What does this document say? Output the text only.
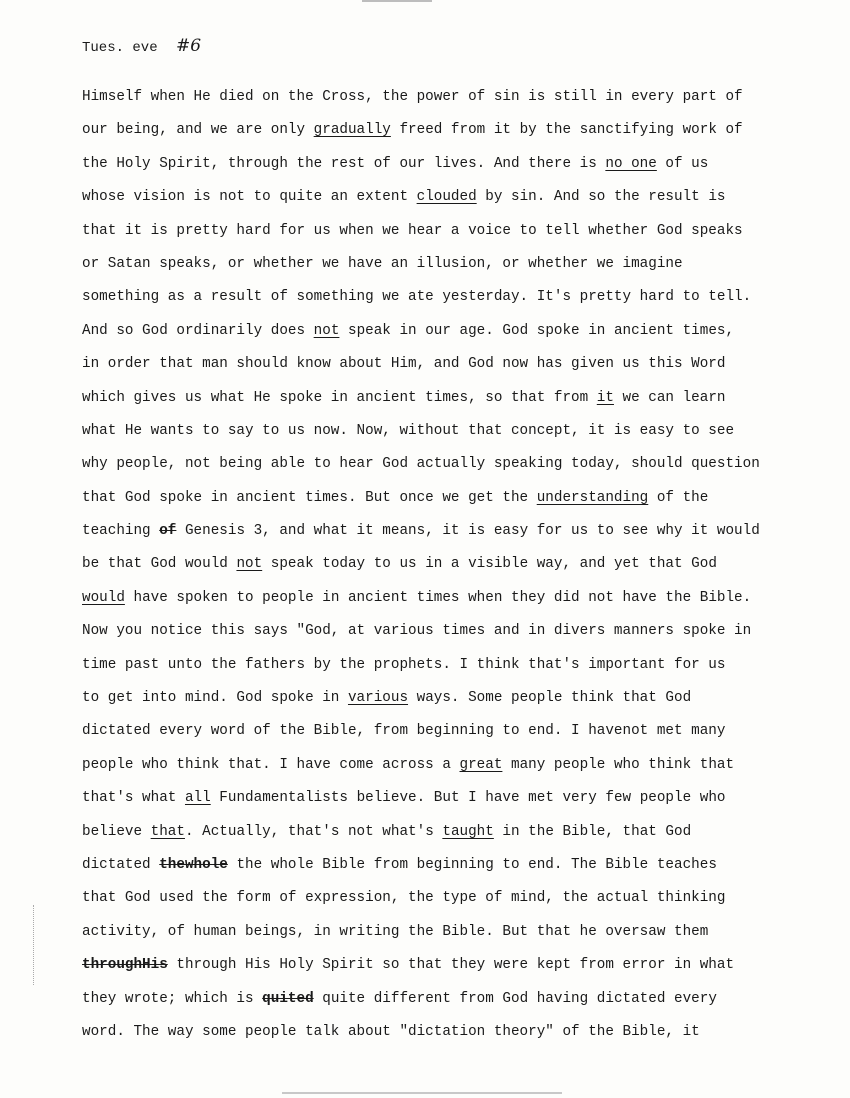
Tues. eve #6
Himself when He died on the Cross, the power of sin is still in every part of
our being, and we are only gradually freed from it by the sanctifying work of
the Holy Spirit, through the rest of our lives. And there is no one of us
whose vision is not to quite an extent clouded by sin. And so the result is
that it is pretty hard for us when we hear a voice to tell whether God speaks
or Satan speaks, or whether we have an illusion, or whether we imagine
something as a result of something we ate yesterday. It's pretty hard to tell.
And so God ordinarily does not speak in our age. God spoke in ancient times,
in order that man should know about Him, and God now has given us this Word
which gives us what He spoke in ancient times, so that from it we can learn
what He wants to say to us now. Now, without that concept, it is easy to see
why people, not being able to hear God actually speaking today, should question
that God spoke in ancient times. But once we get the understanding of the
teaching of Genesis 3, and what it means, it is easy for us to see why it would
be that God would not speak today to us in a visible way, and yet that God
would have spoken to people in ancient times when they did not have the Bible.
Now you notice this says "God, at various times and in divers manners spoke in
time past unto the fathers by the prophets. I think that's important for us
to get into mind. God spoke in various ways. Some people think that God
dictated every word of the Bible, from beginning to end. I havenot met many
people who think that. I have come across a great many people who think that
that's what all Fundamentalists believe. But I have met very few people who
believe that. Actually, that's not what's taught in the Bible, that God
dictated thewhole the whole Bible from beginning to end. The Bible teaches
that God used the form of expression, the type of mind, the actual thinking
activity, of human beings, in writing the Bible. But that he oversaw them
throughHis through His Holy Spirit so that they were kept from error in what
they wrote; which is quited quite different from God having dictated every
word. The way some people talk about "dictation theory" of the Bible, it
